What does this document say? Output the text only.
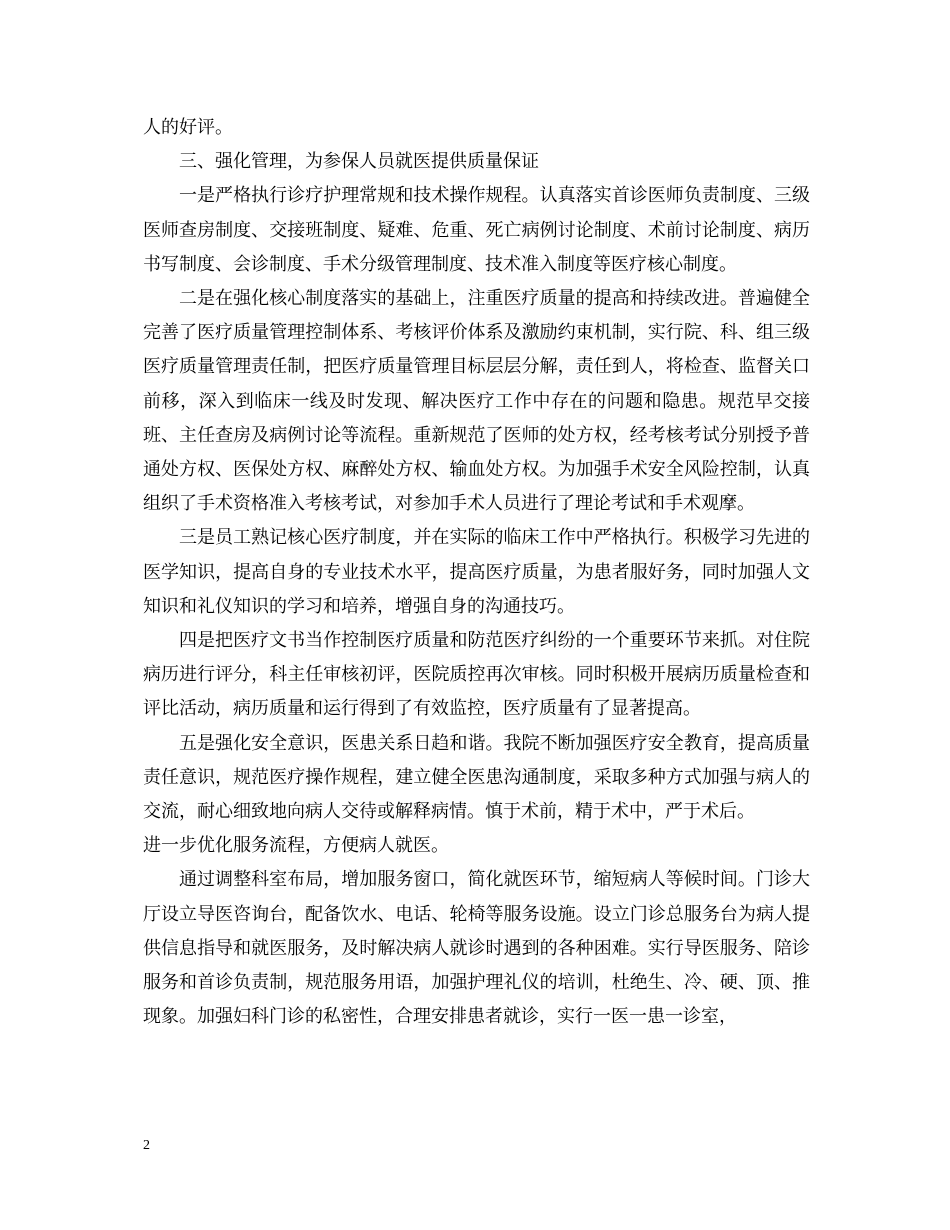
人的好评。

三、强化管理，为参保人员就医提供质量保证

一是严格执行诊疗护理常规和技术操作规程。认真落实首诊医师负责制度、三级医师查房制度、交接班制度、疑难、危重、死亡病例讨论制度、术前讨论制度、病历书写制度、会诊制度、手术分级管理制度、技术准入制度等医疗核心制度。

二是在强化核心制度落实的基础上，注重医疗质量的提高和持续改进。普遍健全完善了医疗质量管理控制体系、考核评价体系及激励约束机制，实行院、科、组三级医疗质量管理责任制，把医疗质量管理目标层层分解，责任到人，将检查、监督关口前移，深入到临床一线及时发现、解决医疗工作中存在的问题和隐患。规范早交接班、主任查房及病例讨论等流程。重新规范了医师的处方权，经考核考试分别授予普通处方权、医保处方权、麻醉处方权、输血处方权。为加强手术安全风险控制，认真组织了手术资格准入考核考试，对参加手术人员进行了理论考试和手术观摩。

三是员工熟记核心医疗制度，并在实际的临床工作中严格执行。积极学习先进的医学知识，提高自身的专业技术水平，提高医疗质量，为患者服好务，同时加强人文知识和礼仪知识的学习和培养，增强自身的沟通技巧。

四是把医疗文书当作控制医疗质量和防范医疗纠纷的一个重要环节来抓。对住院病历进行评分，科主任审核初评，医院质控再次审核。同时积极开展病历质量检查和评比活动，病历质量和运行得到了有效监控，医疗质量有了显著提高。

五是强化安全意识，医患关系日趋和谐。我院不断加强医疗安全教育，提高质量责任意识，规范医疗操作规程，建立健全医患沟通制度，采取多种方式加强与病人的交流，耐心细致地向病人交待或解释病情。慎于术前，精于术中，严于术后。

进一步优化服务流程，方便病人就医。

通过调整科室布局，增加服务窗口，简化就医环节，缩短病人等候时间。门诊大厅设立导医咨询台，配备饮水、电话、轮椅等服务设施。设立门诊总服务台为病人提供信息指导和就医服务，及时解决病人就诊时遇到的各种困难。实行导医服务、陪诊服务和首诊负责制，规范服务用语，加强护理礼仪的培训，杜绝生、冷、硬、顶、推现象。加强妇科门诊的私密性，合理安排患者就诊，实行一医一患一诊室，

2
